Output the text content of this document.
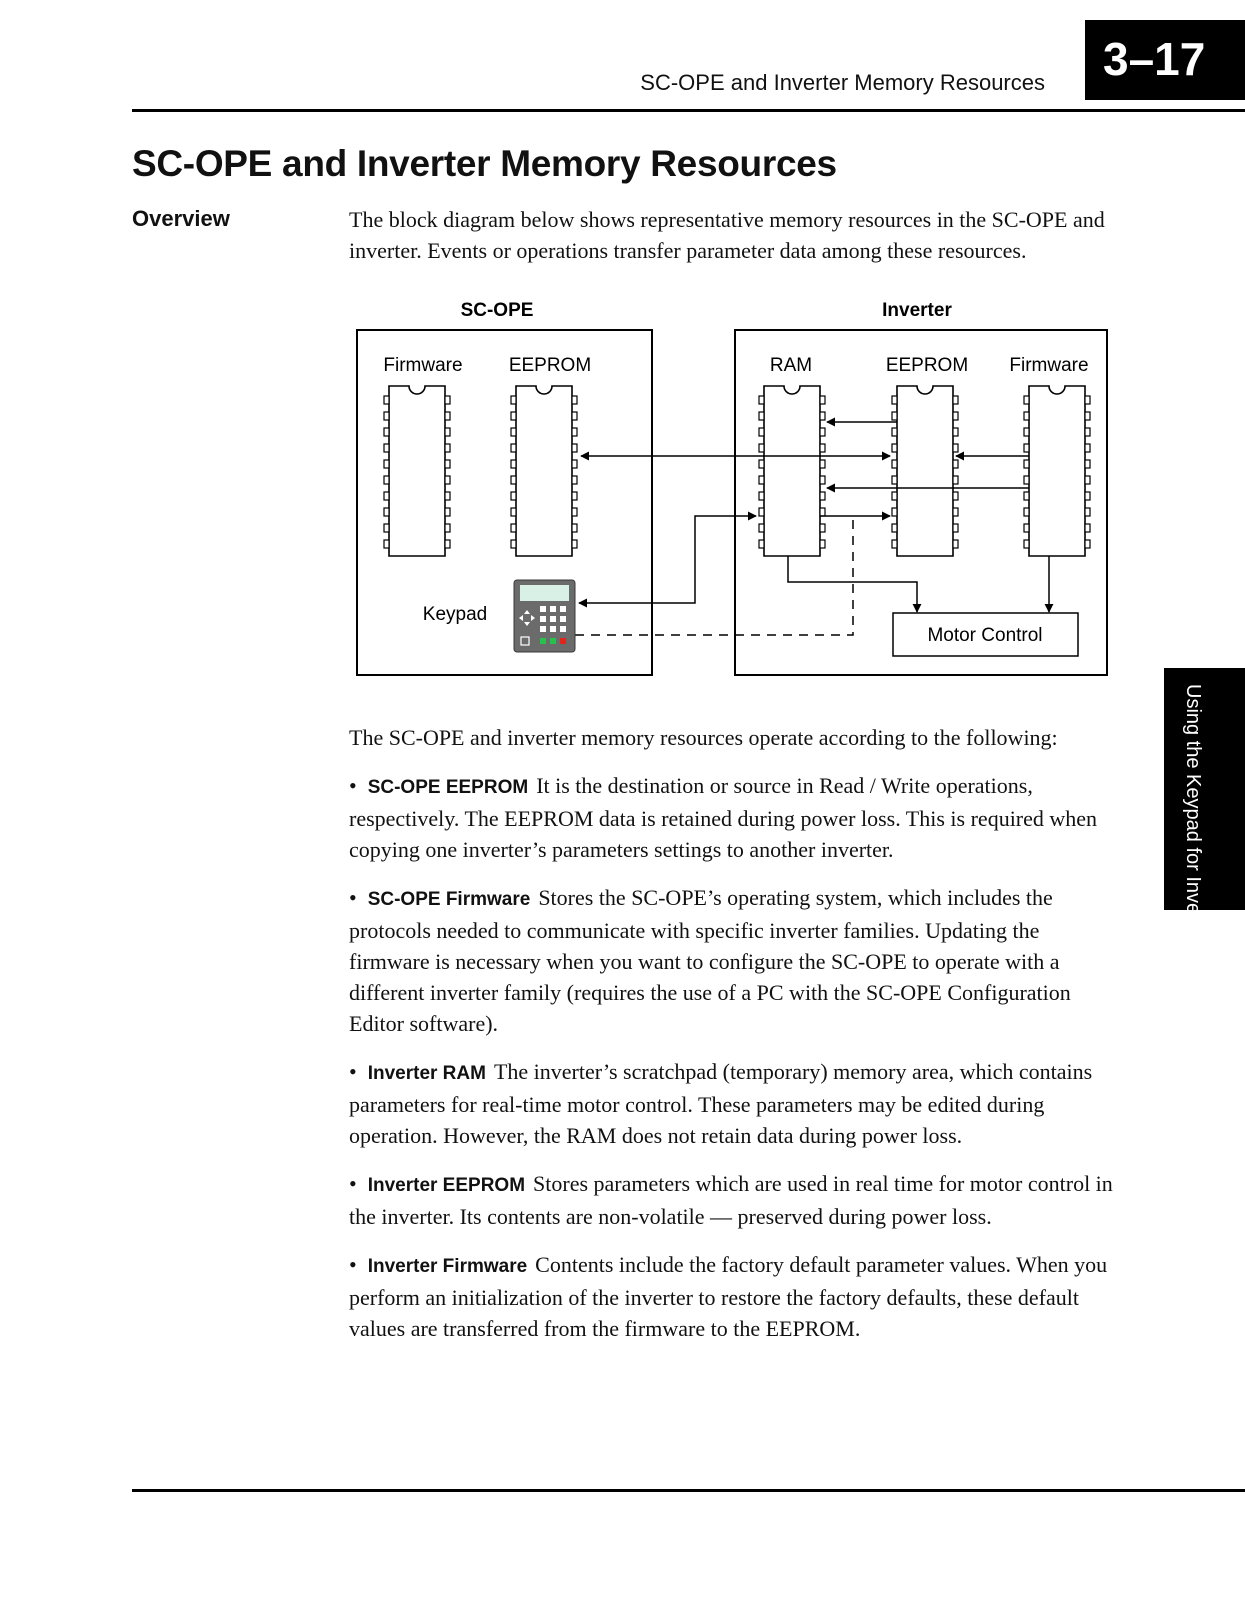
SC-OPE and Inverter Memory Resources	3–17
SC-OPE and Inverter Memory Resources
Overview	The block diagram below shows representative memory resources in the SC-OPE and inverter. Events or operations transfer parameter data among these resources.
SC-OPE	Inverter
Firmware EEPROM	RAM	EEPROM Firmware
Keypad
Motor Control
The SC-OPE and inverter memory resources operate according to the following:
•  SC-OPE EEPROM It is the destination or source in Read / Write operations, respectively. The EEPROM data is retained during power loss. This is required when copying one inverter’s parameters settings to another inverter.
•  SC-OPE Firmware Stores the SC-OPE’s operating system, which includes the protocols needed to communicate with specific inverter families. Updating the firmware is necessary when you want to configure the SC-OPE to operate with a different inverter family (requires the use of a PC with the SC-OPE Configuration Editor software).
•  Inverter RAM The inverter’s scratchpad (temporary) memory area, which contains parameters for real-time motor control. These parameters may be edited during operation. However, the RAM does not retain data during power loss.
•  Inverter EEPROM Stores parameters which are used in real time for motor control in the inverter. Its contents are non-volatile — preserved during power loss.
•  Inverter Firmware Contents include the factory default parameter values. When you perform an initialization of the inverter to restore the factory defaults, these default values are transferred from the firmware to the EEPROM.
Using the Keypad for Inverter Operation
